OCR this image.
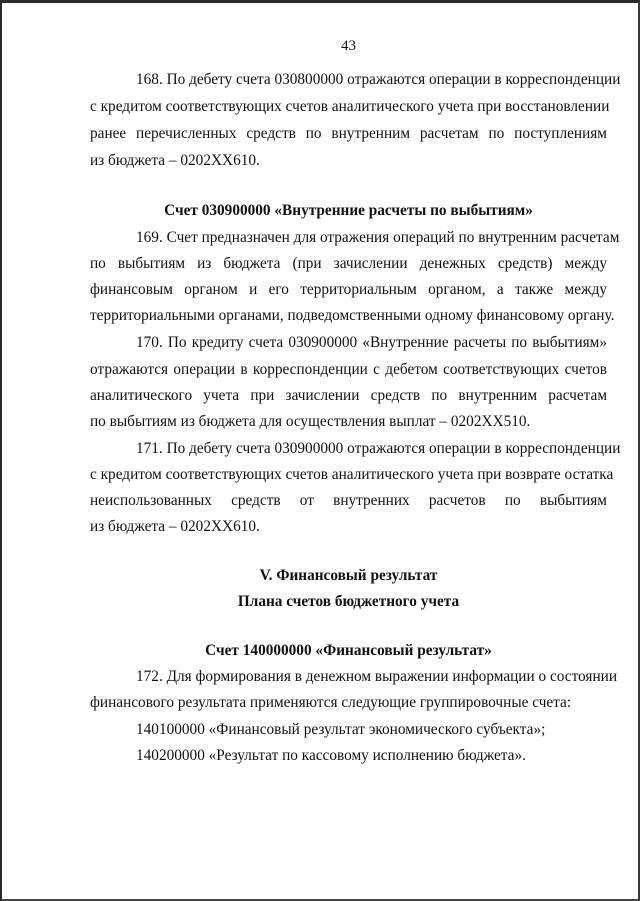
43
168. По дебету счета 030800000 отражаются операции в корреспонденции
с кредитом соответствующих счетов аналитического учета при восстановлении
ранее перечисленных средств по внутренним расчетам по поступлениям
из бюджета – 0202ХХ610.
Счет 030900000 «Внутренние расчеты по выбытиям»
169. Счет предназначен для отражения операций по внутренним расчетам
по выбытиям из бюджета (при зачислении денежных средств) между
финансовым органом и его территориальным органом, а также между
территориальными органами, подведомственными одному финансовому органу.
170. По кредиту счета 030900000 «Внутренние расчеты по выбытиям»
отражаются операции в корреспонденции с дебетом соответствующих счетов
аналитического учета при зачислении средств по внутренним расчетам
по выбытиям из бюджета для осуществления выплат – 0202ХХ510.
171. По дебету счета 030900000 отражаются операции в корреспонденции
с кредитом соответствующих счетов аналитического учета при возврате остатка
неиспользованных средств от внутренних расчетов по выбытиям
из бюджета – 0202ХХ610.
V. Финансовый результат
Плана счетов бюджетного учета
Счет 140000000 «Финансовый результат»
172. Для формирования в денежном выражении информации о состоянии
финансового результата применяются следующие группировочные счета:
140100000 «Финансовый результат экономического субъекта»;
140200000 «Результат по кассовому исполнению бюджета».
